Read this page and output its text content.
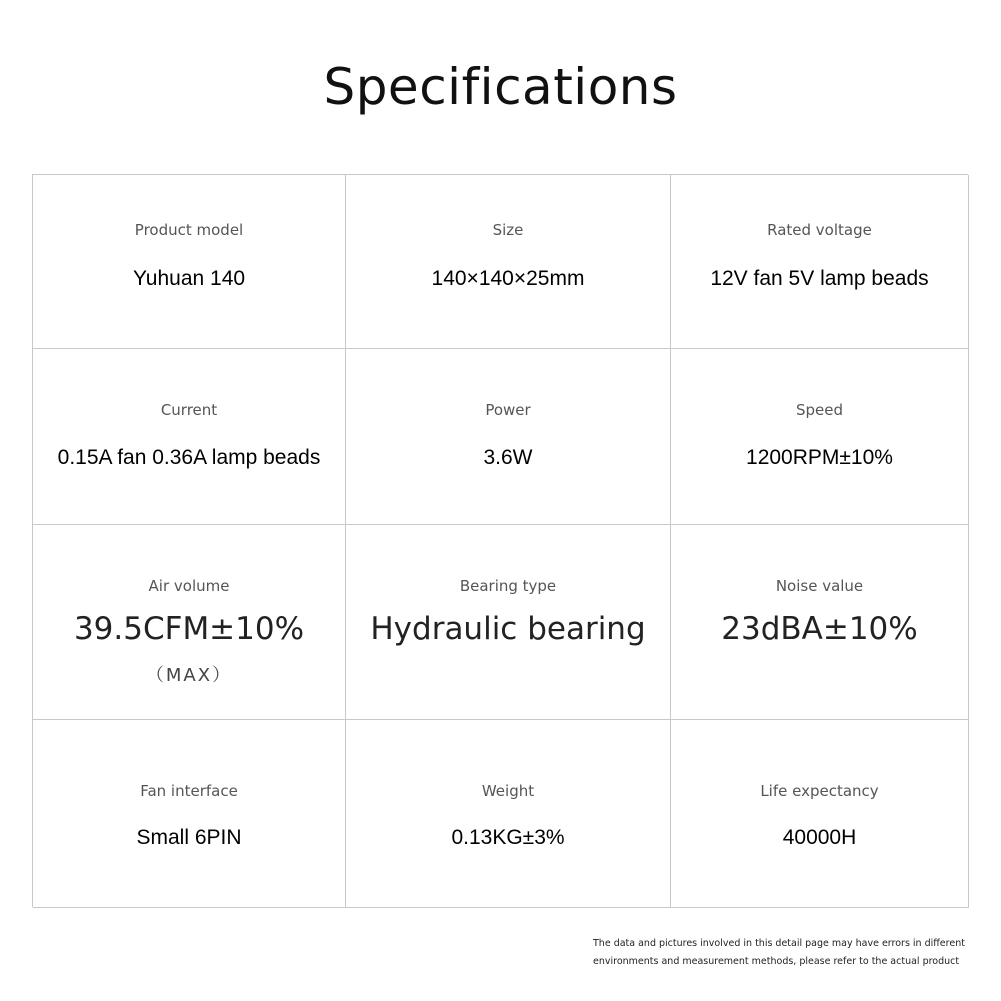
Specifications
Product model
Yuhuan 140
Size
140×140×25mm
Rated voltage
12V fan 5V lamp beads
Current
0.15A fan 0.36A lamp beads
Power
3.6W
Speed
1200RPM±10%
Air volume
39.5CFM±10%
（MAX）
Bearing type
Hydraulic bearing
Noise value
23dBA±10%
Fan interface
Small 6PIN
Weight
0.13KG±3%
Life expectancy
40000H
The data and pictures involved in this detail page may have errors in different
environments and measurement methods, please refer to the actual product
